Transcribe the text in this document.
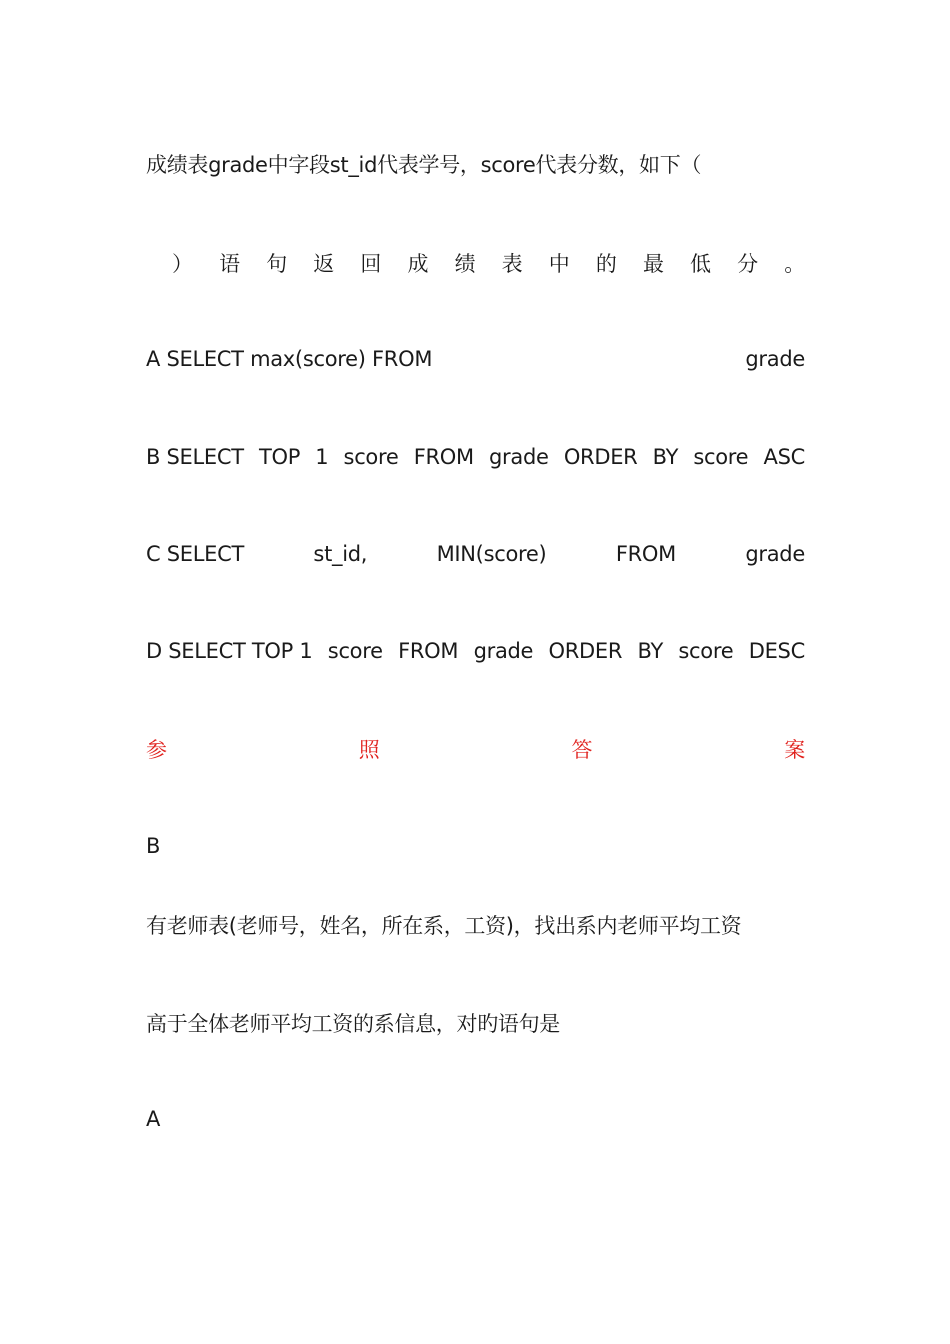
成绩表grade中字段st_id代表学号，score代表分数，如下（
） 语 句 返 回 成 绩 表 中 的 最 低 分 。
A SELECT max(score) FROM	grade
B SELECT TOP 1 score FROM grade ORDER BY score ASC
C SELECT	st_id,	MIN(score)	FROM	grade
D SELECT TOP 1 score FROM grade ORDER BY score DESC
参	照	答	案
B
有老师表(老师号，姓名，所在系，工资)，找出系内老师平均工资
高于全体老师平均工资的系信息，对旳语句是
A
